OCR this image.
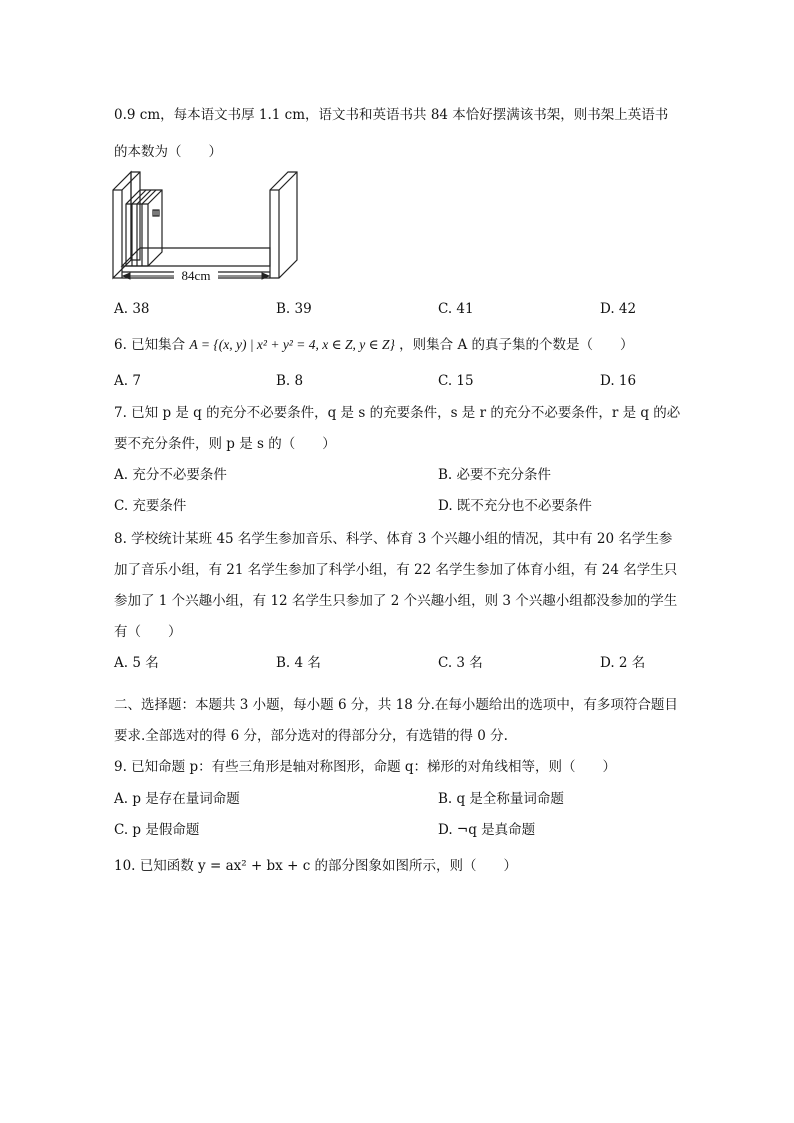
0.9 cm，每本语文书厚 1.1 cm，语文书和英语书共 84 本恰好摆满该书架，则书架上英语书
的本数为（　　）
84cm
A. 38	B. 39	C. 41	D. 42
6. 已知集合 A = {(x, y) | x² + y² = 4, x ∈ Z, y ∈ Z} ，则集合 A 的真子集的个数是（　　）
A. 7	B. 8	C. 15	D. 16
7. 已知 p 是 q 的充分不必要条件，q 是 s 的充要条件，s 是 r 的充分不必要条件，r 是 q 的必
要不充分条件，则 p 是 s 的（　　）
A. 充分不必要条件	B. 必要不充分条件
C. 充要条件	D. 既不充分也不必要条件
8. 学校统计某班 45 名学生参加音乐、科学、体育 3 个兴趣小组的情况，其中有 20 名学生参
加了音乐小组，有 21 名学生参加了科学小组，有 22 名学生参加了体育小组，有 24 名学生只
参加了 1 个兴趣小组，有 12 名学生只参加了 2 个兴趣小组，则 3 个兴趣小组都没参加的学生
有（　　）
A. 5 名	B. 4 名	C. 3 名	D. 2 名
二、选择题：本题共 3 小题，每小题 6 分，共 18 分.在每小题给出的选项中，有多项符合题目
要求.全部选对的得 6 分，部分选对的得部分分，有选错的得 0 分.
9. 已知命题 p：有些三角形是轴对称图形，命题 q：梯形的对角线相等，则（　　）
A. p 是存在量词命题	B. q 是全称量词命题
C. p 是假命题	D. ¬q 是真命题
10. 已知函数 y = ax² + bx + c 的部分图象如图所示，则（　　）
